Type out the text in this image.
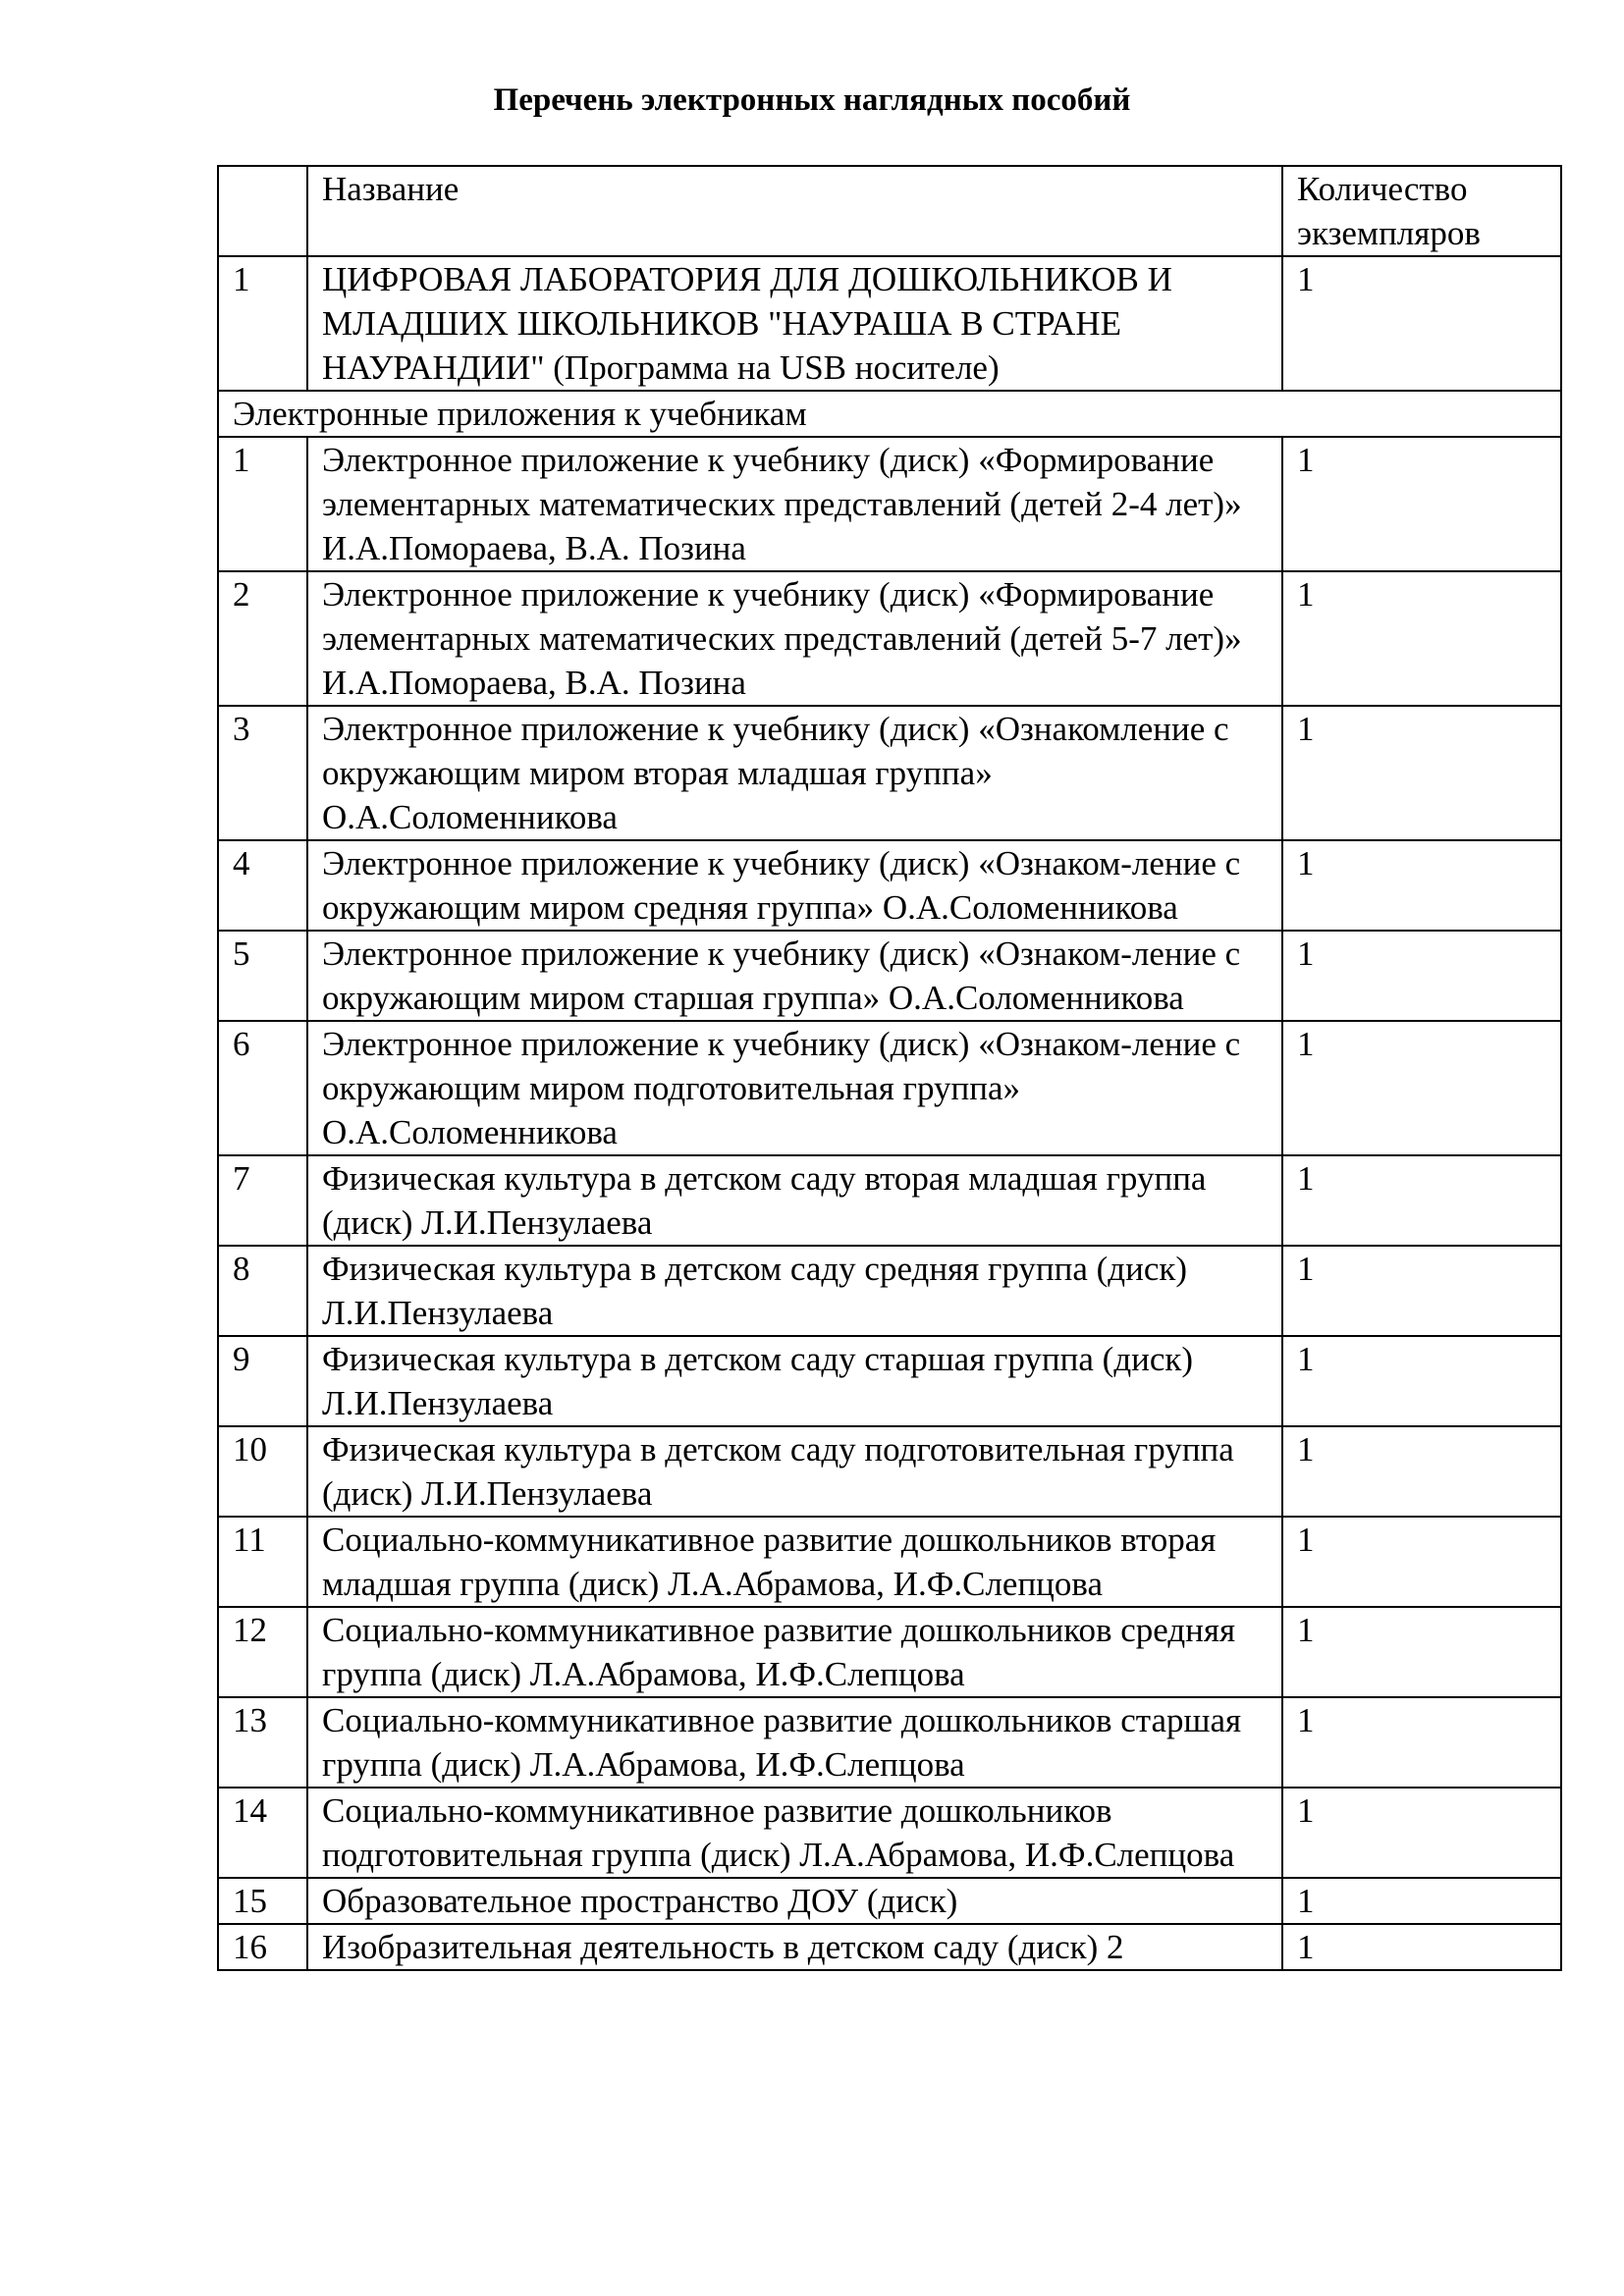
Перечень электронных наглядных пособий
	Название	Количество экземпляров
1	ЦИФРОВАЯ ЛАБОРАТОРИЯ ДЛЯ ДОШКОЛЬНИКОВ И МЛАДШИХ ШКОЛЬНИКОВ "НАУРАША В СТРАНЕ НАУРАНДИИ" (Программа на USB носителе)	1
Электронные приложения к учебникам		
1	Электронное приложение к учебнику (диск) «Формирование элементарных математических представлений (детей 2-4 лет)» И.А.Помораева, В.А. Позина	1
2	Электронное приложение к учебнику (диск) «Формирование элементарных математических представлений (детей 5-7 лет)» И.А.Помораева, В.А. Позина	1
3	Электронное приложение к учебнику (диск) «Ознакомление с окружающим миром вторая младшая группа» О.А.Соломенникова	1
4	Электронное приложение к учебнику (диск) «Ознаком-ление с окружающим миром средняя группа» О.А.Соломенникова	1
5	Электронное приложение к учебнику (диск) «Ознаком-ление с окружающим миром старшая группа» О.А.Соломенникова	1
6	Электронное приложение к учебнику (диск) «Ознаком-ление с окружающим миром подготовительная группа» О.А.Соломенникова	1
7	Физическая культура в детском саду вторая младшая группа (диск) Л.И.Пензулаева	1
8	Физическая культура в детском саду средняя группа (диск) Л.И.Пензулаева	1
9	Физическая культура в детском саду старшая группа (диск) Л.И.Пензулаева	1
10	Физическая культура в детском саду подготовительная группа (диск) Л.И.Пензулаева	1
11	Социально-коммуникативное развитие дошкольников вторая младшая группа (диск) Л.А.Абрамова, И.Ф.Слепцова	1
12	Социально-коммуникативное развитие дошкольников средняя группа (диск) Л.А.Абрамова, И.Ф.Слепцова	1
13	Социально-коммуникативное развитие дошкольников старшая группа (диск) Л.А.Абрамова, И.Ф.Слепцова	1
14	Социально-коммуникативное развитие дошкольников подготовительная группа (диск) Л.А.Абрамова, И.Ф.Слепцова	1
15	Образовательное пространство ДОУ (диск)	1
16	Изобразительная деятельность в детском саду (диск) 2	1
